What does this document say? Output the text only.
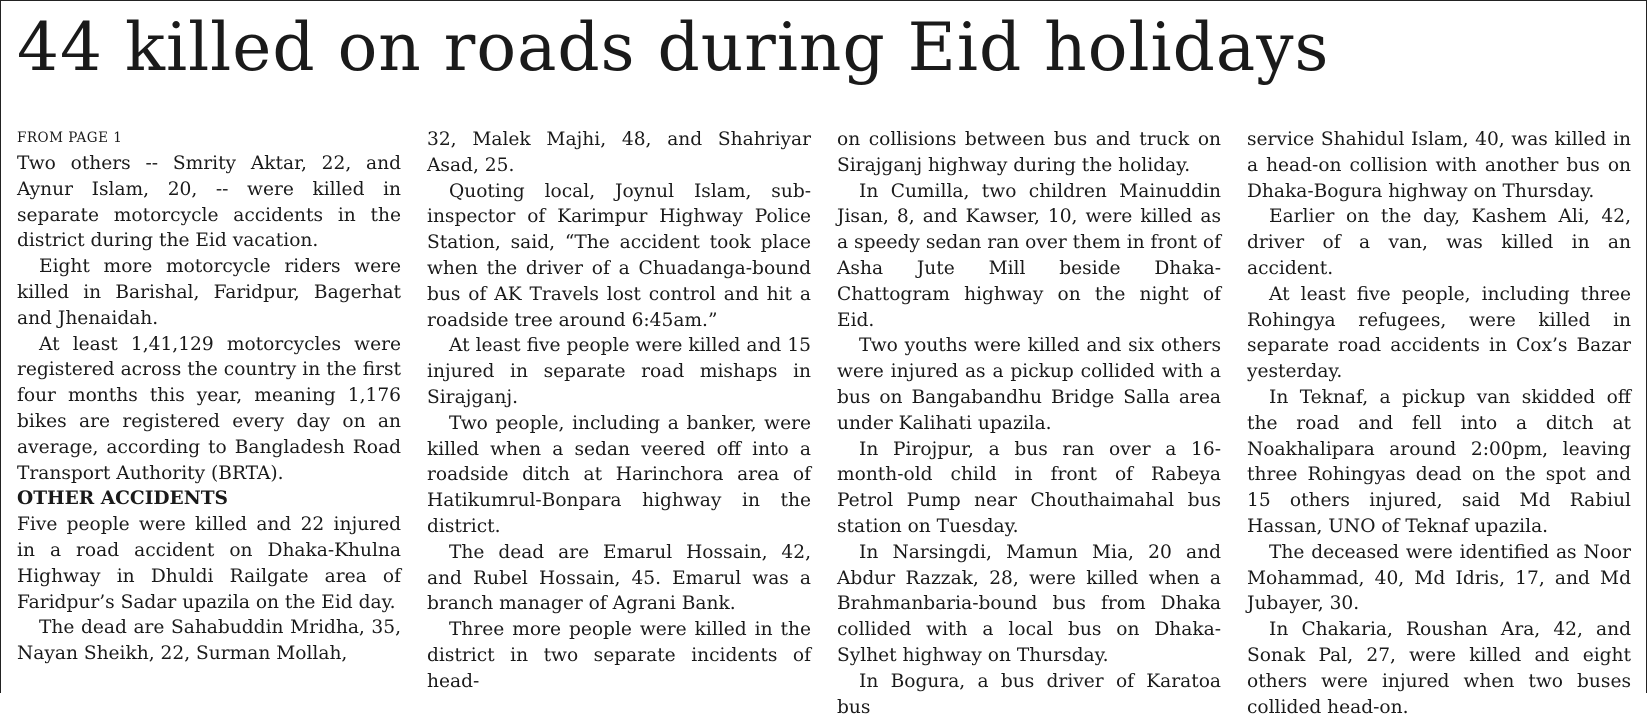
44 killed on roads during Eid holidays
FROM PAGE 1

Two others -- Smrity Aktar, 22, and Aynur Islam, 20, -- were killed in separate motorcycle accidents in the district during the Eid vacation.

Eight more motorcycle riders were killed in Barishal, Faridpur, Bagerhat and Jhenaidah.

At least 1,41,129 motorcycles were registered across the country in the first four months this year, meaning 1,176 bikes are registered every day on an average, according to Bangladesh Road Transport Authority (BRTA).

OTHER ACCIDENTS

Five people were killed and 22 injured in a road accident on Dhaka-Khulna Highway in Dhuldi Railgate area of Faridpur’s Sadar upazila on the Eid day.

The dead are Sahabuddin Mridha, 35, Nayan Sheikh, 22, Surman Mollah,

32, Malek Majhi, 48, and Shahriyar Asad, 25.

Quoting local, Joynul Islam, sub-inspector of Karimpur Highway Police Station, said, “The accident took place when the driver of a Chuadanga-bound bus of AK Travels lost control and hit a roadside tree around 6:45am.”

At least five people were killed and 15 injured in separate road mishaps in Sirajganj.

Two people, including a banker, were killed when a sedan veered off into a roadside ditch at Harinchora area of Hatikumrul-Bonpara highway in the district.

The dead are Emarul Hossain, 42, and Rubel Hossain, 45. Emarul was a branch manager of Agrani Bank.

Three more people were killed in the district in two separate incidents of head-

on collisions between bus and truck on Sirajganj highway during the holiday.

In Cumilla, two children Mainuddin Jisan, 8, and Kawser, 10, were killed as a speedy sedan ran over them in front of Asha Jute Mill beside Dhaka-Chattogram highway on the night of Eid.

Two youths were killed and six others were injured as a pickup collided with a bus on Bangabandhu Bridge Salla area under Kalihati upazila.

In Pirojpur, a bus ran over a 16-month-old child in front of Rabeya Petrol Pump near Chouthaimahal bus station on Tuesday.

In Narsingdi, Mamun Mia, 20 and Abdur Razzak, 28, were killed when a Brahmanbaria-bound bus from Dhaka collided with a local bus on Dhaka-Sylhet highway on Thursday.

In Bogura, a bus driver of Karatoa bus

service Shahidul Islam, 40, was killed in a head-on collision with another bus on Dhaka-Bogura highway on Thursday.

Earlier on the day, Kashem Ali, 42, driver of a van, was killed in an accident.

At least five people, including three Rohingya refugees, were killed in separate road accidents in Cox’s Bazar yesterday.

In Teknaf, a pickup van skidded off the road and fell into a ditch at Noakhalipara around 2:00pm, leaving three Rohingyas dead on the spot and 15 others injured, said Md Rabiul Hassan, UNO of Teknaf upazila.

The deceased were identified as Noor Mohammad, 40, Md Idris, 17, and Md Jubayer, 30.

In Chakaria, Roushan Ara, 42, and Sonak Pal, 27, were killed and eight others were injured when two buses collided head-on.
